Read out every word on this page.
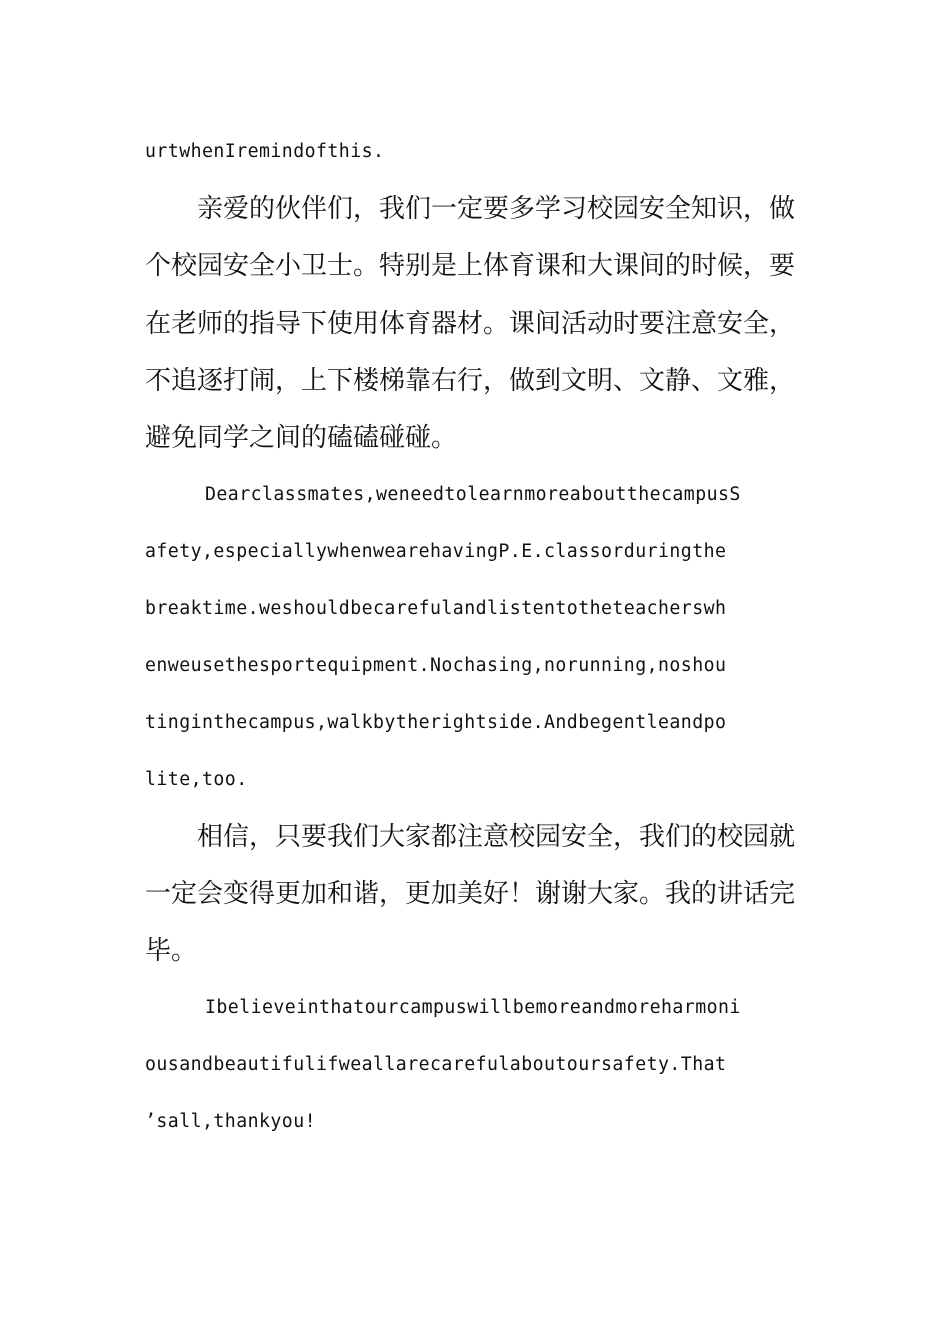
urtwhenIremindofthis.
亲爱的伙伴们，我们一定要多学习校园安全知识，做
个校园安全小卫士。特别是上体育课和大课间的时候，要
在老师的指导下使用体育器材。课间活动时要注意安全，
不追逐打闹，上下楼梯靠右行，做到文明、文静、文雅，
避免同学之间的磕磕碰碰。
Dearclassmates,weneedtolearnmoreaboutthecampusS
afety,especiallywhenwearehavingP.E.classorduringthe
breaktime.weshouldbecarefulandlistentotheteacherswh
enweusethesportequipment.Nochasing,norunning,noshou
tinginthecampus,walkbytherightside.Andbegentleandpo
lite,too.
相信，只要我们大家都注意校园安全，我们的校园就
一定会变得更加和谐，更加美好！谢谢大家。我的讲话完
毕。
Ibelieveinthatourcampuswillbemoreandmoreharmoni
ousandbeautifulifweallarecarefulaboutoursafety.That
’sall,thankyou!
